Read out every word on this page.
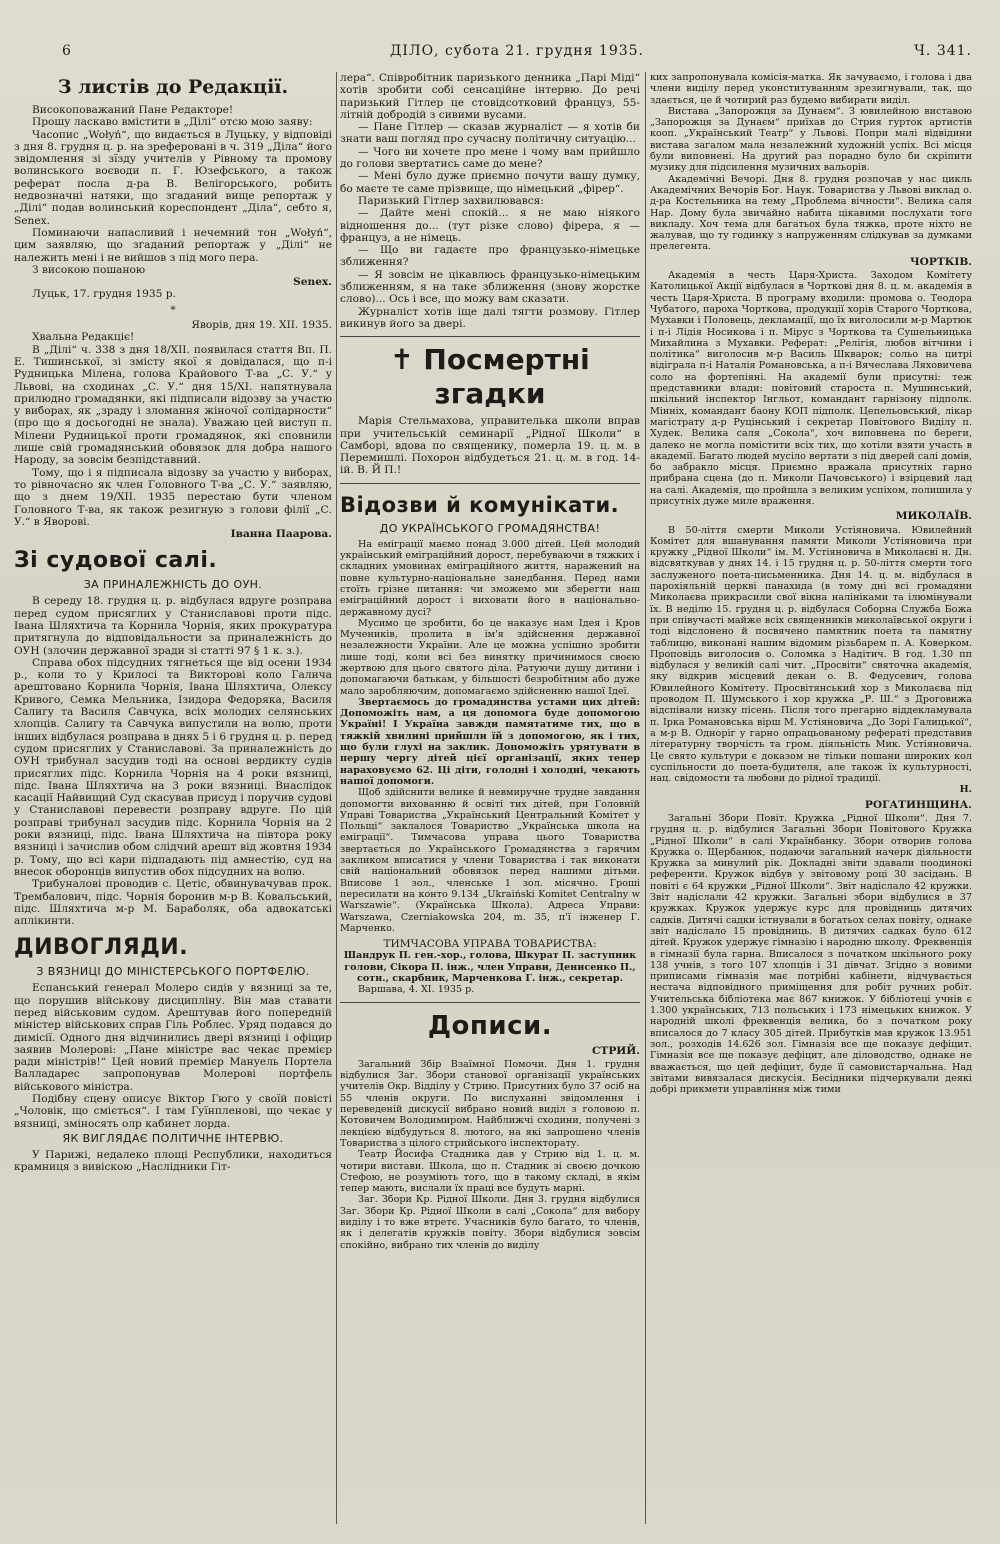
6	ДІЛО, субота 21. грудня 1935.	Ч. 341.
З листів до Редакції.

Високоповажаний Пане Редакторе!

Прошу ласкаво вмістити в „Ділі“ отсю мою заяву:

Часопис „Wołyń“, що видається в Луцьку, у відповіді з дня 8. грудня ц. р. на зреферовані в ч. 319 „Діла“ його звідомлення зі зїзду учителів у Рівному та промову волинського воєводи п. Г. Юзефського, а також реферат посла д-ра В. Велігорського, робить недвозначні натяки, що згаданий вище репортаж у „Ділі“ подав волинський кореспондент „Діла“, себто я, Senex.

Поминаючи напасливий і нечемний тон „Wołyń“, цим заявляю, що згаданий репортаж у „Ділі“ не належить мені і не вийшов з під мого пера.

З високою пошаною

Senex.

Луцьк, 17. грудня 1935 р.

*

Яворів, дня 19. XII. 1935.

Хвальна Редакціє!

В „Ділі“ ч. 338 з дня 18/XII. появилася стаття Вп. П. Е. Тишинської, зі змісту якої я довідалася, що п-і Рудницька Мілена, голова Крайового Т-ва „С. У.“ у Львові, на сходинах „С. У.“ дня 15/XI. напятнувала прилюдно громадянки, які підписали відозву за участю у виборах, як „зраду і зломання жіночої солідарности“ (про що я досьогодні не знала). Уважаю цей виступ п. Мілени Рудницької проти громадянок, які сповнили лише свій громадянський обовязок для добра нашого Народу, за зовсім безпідставний.

Тому, що і я підписала відозву за участю у виборах, то рівночасно як член Головного Т-ва „С. У.“ заявляю, що з днем 19/XII. 1935 перестаю бути членом Головного Т-ва, як також резигную з голови філії „С. У.“ в Яворові.

Іванна Паарова.

Зі судової салі.
ЗА ПРИНАЛЕЖНІСТЬ ДО ОУН.

В середу 18. грудня ц. р. відбулася вдруге розправа перед судом присяглих у Станиславові проти підс. Івана Шляхтича та Корнила Чорнія, яких прокуратура притягнула до відповідальности за приналежність до ОУН (злочин державної зради зі статті 97 § 1 к. з.).

Справа обох підсудних тягнеться ще від осени 1934 р., коли то у Крилосі та Викторові коло Галича арештовано Корнила Чорнія, Івана Шляхтича, Олексу Кривого, Семка Мельника, Ізидора Федоряка, Василя Салигу та Василя Савчука, всіх молодих селянських хлопців. Салигу та Савчука випустили на волю, проти інших відбулася розправа в днях 5 і 6 грудня ц. р. перед судом присяглих у Станиславові. За приналежність до ОУН трибунал засудив тоді на основі вердикту судів присяглих підс. Корнила Чорнія на 4 роки вязниці, підс. Івана Шляхтича на 3 роки вязниці. Внаслідок касації Найвищий Суд скасував присуд і поручив судові у Станиславові перевести розправу вдруге. По цій розправі трибунал засудив підс. Корнила Чорнія на 2 роки вязниці, підс. Івана Шляхтича на півтора року вязниці і зачислив обом слідчий арешт від жовтня 1934 р. Тому, що всі кари підпадають під амнестію, суд на внесок оборонців випустив обох підсудних на волю.

Трибуналові проводив с. Цетіс, обвинувачував прок. Трембалович, підс. Чорнія боронив м-р В. Ковальський, підс. Шляхтича м-р М. Бараболяк, оба адвокатські аплікинти.

ДИВОГЛЯДИ.
З ВЯЗНИЦІ ДО МІНІСТЕРСЬКОГО ПОРТФЕЛЮ.

Еспанський генерал Молеро сидів у вязниці за те, що порушив військову дисципліну. Він мав ставати перед військовим судом. Арештував його попередній міністер військових справ Гіль Роблес. Уряд подався до димісії. Одного дня відчинились двері вязниці і офіцир заявив Молерові: „Пане міністре вас чекає премієр ради міністрів!“ Цей новий премієр Мануель Портела Валладарес запропонував Молерові портфель військового міністра.

Подібну сцену описує Віктор Гюго у своїй повісті „Чоловік, що сміється“. І там Гуїнпленові, що чекає у вязниці, зміносять олр кабинет лорда.

ЯК ВИГЛЯДАЄ ПОЛІТИЧНЕ ІНТЕРВЮ.

У Парижі, недалеко площі Республики, находиться крамниця з вивіскою „Наслідники Гіт-

лера“. Співробітник паризького денника „Парі Міді“ хотів зробити собі сенсаційне інтервю. До речі паризький Гітлер це стовідсотковий француз, 55-літній добродій з сивими вусами.

— Пане Гітлер — сказав журналіст — я хотів би знати ваш погляд про сучасну політичну ситуацію...

— Чого ви хочете про мене і чому вам прийшло до голови звертатись саме до мене?

— Мені було дуже приємно почути вашу думку, бо маєте те саме прізвище, що німецький „фірер“.

Паризький Гітлер захвилювався:

— Дайте мені спокій... я не маю ніякого відношення до... (тут різке слово) фірера, я — француз, а не німець.

— Що ви гадаєте про французько-німецьке зближення?

— Я зовсім не цікавлюсь французько-німецьким зближенням, я на таке зближення (знову жорстке слово)... Ось і все, що можу вам сказати.

Журналіст хотів іще далі тягти розмову. Гітлер викинув його за двері.

✝ Посмертні згадки

Марія Стельмахова, управителька школи вправ при учительській семинарії „Рідної Школи“ в Самборі, вдова по священику, померла 19. ц. м. в Перемишлі. Похорон відбудеться 21. ц. м. в год. 14-ій. В. Й П.!

Відозви й комунікати.
ДО УКРАЇНСЬКОГО ГРОМАДЯНСТВА!

На еміграції маємо понад 3.000 дітей. Цей молодий український еміграційний дорост, перебуваючи в тяжких і складних умовинах еміграційного життя, наражений на повне культурно-національне занедбання. Перед нами стоїть грізне питання: чи зможемо ми зберегти наш еміграційний дорост і виховати його в національно-державному дусі?

Мусимо це зробити, бо це наказує нам Ідея і Кров Мучеників, пролита в ім'я здійснення державної незалежности України. Але це можна успішно зробити лише тоді, коли всі без винятку причинимося своєю жертвою для цього святого діла. Ратуючи душу дитини і допомагаючи батькам, у більшості безробітним або дуже мало заробляючим, допомагаємо здійсненню нашої Ідеї.

Звертаємось до громадянства устами цих дітей: Допоможіть нам, а ця допомога буде допомогою Україні! І Україна завжди памятатиме тих, що в тяжкій хвилині прийшли їй з допомогою, як і тих, що були глухі на заклик. Допоможіть урятувати в першу чергу дітей цієї організації, яких тепер нараховуємо 62. Ці діти, голодні і холодні, чекають нашої допомоги.

Щоб здійснити велике й невмиручне трудне завдання допомогти вихованню й освіті тих дітей, при Головній Управі Товариства „Український Центральний Комітет у Польщі“ заклалося Товариство „Українська школа на еміграції“. Тимчасова управа цього Товариства звертається до Українського Громадянства з гарячим закликом вписатися у члени Товариства і так виконати свій національний обовязок перед нашими дітьми. Вписове 1 зол., членське 1 зол. місячно. Гроші пересилати на конто 9.134 „Ukraiński Komitet Centralny w Warszawie“. (Українська Школа). Адреса Управи: Warszawa, Czerniakowska 204, m. 35, п'ї інженер Г. Марченко.

ТИМЧАСОВА УПРАВА ТОВАРИСТВА:

Шандрук П. ген.-хор., голова, Шкурат П. заступник голови, Сікора П. інж., член Управи, Денисенко П., сотн., скарбник, Марченкова Г. інж., секретар.

Варшава, 4. XI. 1935 р.

Дописи.
СТРИЙ.

Загальний Збір Взаїмної Помочи. Дня 1. грудня відбулися Заг. Збори станової організації українських учителів Окр. Відділу у Стрию. Присутних було 37 осіб на 55 членів округи. По вислуханні звідомлення і переведеній дискусії вибрано новий виділ з головою п. Котовичем Володимиром. Найближчі сходини, получені з лекцією відбудуться 8. лютого, на які запрошено членів Товариства з цілого стрийського інспекторату.

Театр Йосифа Стадника дав у Стрию від 1. ц. м. чотири вистави. Школа, що п. Стадник зі своєю дочкою Стефою, не розуміють того, що в такому складі, в якім тепер мають, вислали їх праці все будуть марні.

Заг. Збори Кр. Рідної Школи. Дня 3. грудня відбулися Заг. Збори Кр. Рідної Школи в салі „Сокола“ для вибору виділу і то вже втретє. Учасників було багато, то членів, як і делегатів кружків повіту. Збори відбулися зовсім спокійно, вибрано тих членів до виділу

ких запропонувала комісія-матка. Як зачуваємо, і голова і два члени виділу перед уконституванням зрезигнували, так, що здається, це й чотирий раз будемо вибирати виділ.

Вистава „Запорожця за Дунаєм“. З ювилейною виставою „Запорожця за Дунаєм“ приїхав до Стрия гурток артистів кооп. „Український Театр“ у Львові. Попри малі відвідини вистава загалом мала незалежний художній успіх. Всі місця були виповнені. На другий раз порадно було би скріпити музику для підсилення музичних вальорів.

Академічні Вечорі. Дня 8. грудня розпочав у нас цикль Академічних Вечорів Бог. Наук. Товариства у Львові виклад о. д-ра Костельника на тему „Проблема вічности“. Велика саля Нар. Дому була звичайно набита цікавими послухати того викладу. Хоч тема для багатьох була тяжка, проте ніхто не жалував, що ту годинку з напруженням слідкував за думками прелегента.

ЧОРТКІВ.

Академія в честь Царя-Христа. Заходом Комітету Католицької Акції відбулася в Чорткові дня 8. ц. м. академія в честь Царя-Христа. В програму входили: промова о. Теодора Чубатого, пароха Чорткова, продукції хорів Старого Чорткова, Мухавки і Половець, декламації, що їх виголосили м-р Мартюк і п-і Лідія Носикова і п. Міруc з Чорткова та Сушельницька Михайлина з Мухавки. Реферат: „Релігія, любов вітчини і політика“ виголосив м-р Василь Шкварок; сольо на цитрі відіграла п-і Наталія Романовська, а п-і Вячеслава Ляховичева соло на фортепіяні. На академії були присутні: теж представники влади: повітовий староста п. Мушинський, шкільний інспектор Інгльот, командант гарнізону підполк. Мінніх, командант баону КОП підполк. Цепельовський, лікар магістрату д-р Руцінський і секретар Повітового Виділу п. Худек. Велика саля „Сокола“, хоч виповнена по береги, далеко не могла помістити всіх тих, що хотіли взяти участь в академії. Багато людей мусіло вертати з під дверей салі домів, бо забракло місця. Приємно вражала присутніх гарно прибрана сцена (до п. Миколи Пачовського) і взірцевий лад на салі. Академія, що пройшла з великим успіхом, полишила у присутніх дуже миле враження.

МИКОЛАЇВ.

В 50-ліття смерти Миколи Устіяновича. Ювилейний Комітет для вшанування памяти Миколи Устіяновича при кружку „Рідної Школи“ ім. М. Устіяновича в Миколаєві н. Дн. відсвяткував у днях 14. і 15 грудня ц. р. 50-ліття смерти того заслуженого поета-письменника. Дня 14. ц. м. відбулася в парохіяльній церкві панахида (в тому дні всі громадяни Миколаєва прикрасили свої вікна налініками та ілюмінували їх. В неділю 15. грудня ц. р. відбулася Соборна Служба Божа при співучасті майже всіх священників миколаївської округи і тоді відслонено й посвячено памятник поета та памятну таблицю, виконані нашим відомим різьбарем п. А. Коверком. Проповідь виголосив о. Соломка з Надітич. В год. 1.30 пп відбулася у великій салі чит. „Просвіти“ святочна академія, яку відкрив місцевий декан о. В. Федусевич, голова Ювилейного Комітету. Просвітянський хор з Миколаєва під проводом П. Шумського і хор кружка „Р. Ш.“ з Дроговижа відспівали низку пісень. Після того прегарно віддекламувала п. Ірка Романовська вірш М. Устіяновича „До Зорі Галицької“, а м-р В. Одноріг у гарно опрацьованому рефераті представив літературну творчість та гром. діяльність Мик. Устіяновича. Це свято культури є доказом не тільки пошани широких кол суспільности до поета-будителя, але також їх культурності, нац. свідомости та любови до рідної традиції.

Н.

РОГАТИНЩИНА.

Загальні Збори Повіт. Кружка „Рідної Школи“. Дня 7. грудня ц. р. відбулися Загальні Збори Повітового Кружка „Рідної Школи“ в салі Українбанку. Збори отворив голова Кружка о. Щербанюк, подаючи загальний начерк діяльности Кружка за минулий рік. Докладні звіти здавали поодинокі референти. Кружок відбув у звітовому році 30 засідань. В повіті є 64 кружки „Рідної Школи“. Звіт надіслало 42 кружки. Звіт надіслали 42 кружки. Загальні збори відбулися в 37 кружках. Кружок удержує курс для провідниць дитячих садків. Дитячі садки істнували в богатьох селах повіту, однаке звіт надіслало 15 провідниць. В дитячих садках було 612 дітей. Кружок удержує гімназію і народню школу. Фреквенція в гімназії була гарна. Вписалося з початком шкільного року 138 учнів, з того 107 хлопців і 31 дівчат. Згідно з новими приписами гімназія має потрібні кабінети, відчувається нестача відповідного приміщення для робіт ручних робіт. Учительська бібліотека має 867 книжок. У бібліотеці учнів є 1.300 українських, 713 польських і 173 німецьких книжок. У народній школі фреквенція велика, бо з початком року вписалося до 7 класу 305 дітей. Прибутків мав кружок 13.951 зол., розходів 14.626 зол. Гімназія все ще показує дефіцит. Гімназія все ще показує дефіцит, але діловодство, однаке не вважається, що цей дефіцит, буде її самовистарчальна. Над звітами вивязалася дискусія. Бесідники підчеркували деякі добрі прикмети управління між тими
